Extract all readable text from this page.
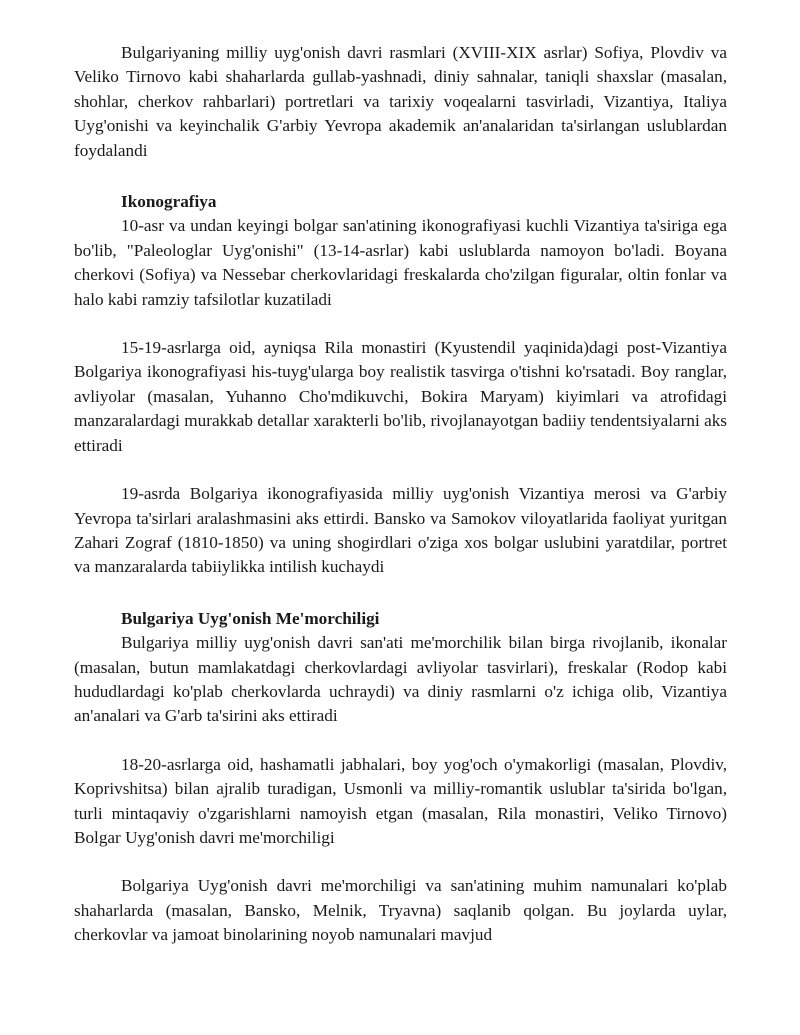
Bulgariyaning milliy uyg'onish davri rasmlari (XVIII-XIX asrlar) Sofiya, Plovdiv va Veliko Tirnovo kabi shaharlarda gullab-yashnadi, diniy sahnalar, taniqli shaxslar (masalan, shohlar, cherkov rahbarlari) portretlari va tarixiy voqealarni tasvirladi, Vizantiya, Italiya Uyg'onishi va keyinchalik G'arbiy Yevropa akademik an'analaridan ta'sirlangan uslublardan foydalandi

Ikonografiya

10-asr va undan keyingi bolgar san'atining ikonografiyasi kuchli Vizantiya ta'siriga ega bo'lib, "Paleologlar Uyg'onishi" (13-14-asrlar) kabi uslublarda namoyon bo'ladi. Boyana cherkovi (Sofiya) va Nessebar cherkovlaridagi freskalarda cho'zilgan figuralar, oltin fonlar va halo kabi ramziy tafsilotlar kuzatiladi

15-19-asrlarga oid, ayniqsa Rila monastiri (Kyustendil yaqinida)dagi post-Vizantiya Bolgariya ikonografiyasi his-tuyg'ularga boy realistik tasvirga o'tishni ko'rsatadi. Boy ranglar, avliyolar (masalan, Yuhanno Cho'mdikuvchi, Bokira Maryam) kiyimlari va atrofidagi manzaralardagi murakkab detallar xarakterli bo'lib, rivojlanayotgan badiiy tendentsiyalarni aks ettiradi

19-asrda Bolgariya ikonografiyasida milliy uyg'onish Vizantiya merosi va G'arbiy Yevropa ta'sirlari aralashmasini aks ettirdi. Bansko va Samokov viloyatlarida faoliyat yuritgan Zahari Zograf (1810-1850) va uning shogirdlari o'ziga xos bolgar uslubini yaratdilar, portret va manzaralarda tabiiylikka intilish kuchaydi

Bulgariya Uyg'onish Me'morchiligi

Bulgariya milliy uyg'onish davri san'ati me'morchilik bilan birga rivojlanib, ikonalar (masalan, butun mamlakatdagi cherkovlardagi avliyolar tasvirlari), freskalar (Rodop kabi hududlardagi ko'plab cherkovlarda uchraydi) va diniy rasmlarni o'z ichiga olib, Vizantiya an'analari va G'arb ta'sirini aks ettiradi

18-20-asrlarga oid, hashamatli jabhalari, boy yog'och o'ymakorligi (masalan, Plovdiv, Koprivshitsa) bilan ajralib turadigan, Usmonli va milliy-romantik uslublar ta'sirida bo'lgan, turli mintaqaviy o'zgarishlarni namoyish etgan (masalan, Rila monastiri, Veliko Tirnovo) Bolgar Uyg'onish davri me'morchiligi

Bolgariya Uyg'onish davri me'morchiligi va san'atining muhim namunalari ko'plab shaharlarda (masalan, Bansko, Melnik, Tryavna) saqlanib qolgan. Bu joylarda uylar, cherkovlar va jamoat binolarining noyob namunalari mavjud
